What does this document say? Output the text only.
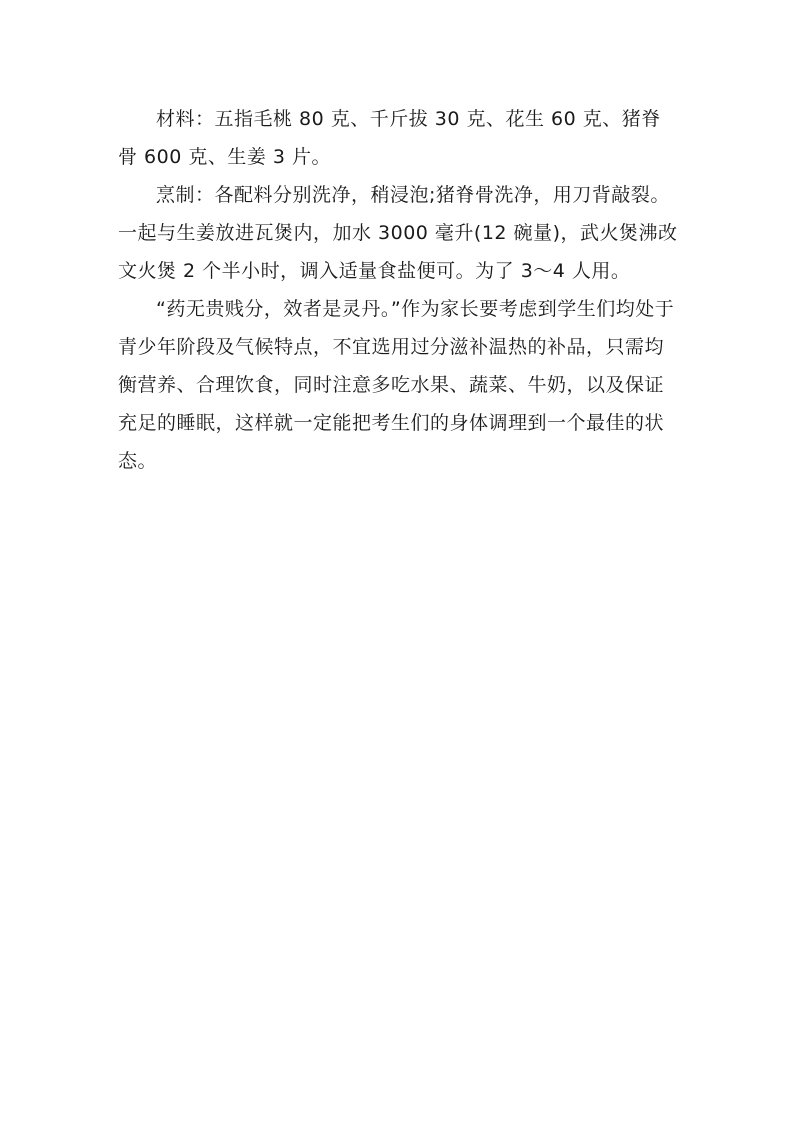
材料：五指毛桃 80 克、千斤拔 30 克、花生 60 克、猪脊骨 600 克、生姜 3 片。

烹制：各配料分别洗净，稍浸泡;猪脊骨洗净，用刀背敲裂。一起与生姜放进瓦煲内，加水 3000 毫升(12 碗量)，武火煲沸改文火煲 2 个半小时，调入适量食盐便可。为了 3～4 人用。

“药无贵贱分，效者是灵丹。”作为家长要考虑到学生们均处于青少年阶段及气候特点，不宜选用过分滋补温热的补品，只需均衡营养、合理饮食，同时注意多吃水果、蔬菜、牛奶，以及保证充足的睡眠，这样就一定能把考生们的身体调理到一个最佳的状态。
